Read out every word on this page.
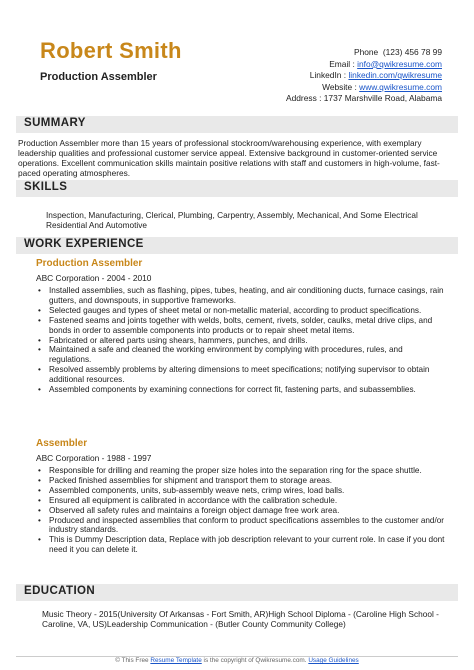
Robert Smith
Production Assembler
Phone (123) 456 78 99
Email : info@qwikresume.com
LinkedIn : linkedin.com/qwikresume
Website : www.qwikresume.com
Address : 1737 Marshville Road, Alabama
SUMMARY
Production Assembler more than 15 years of professional stockroom/warehousing experience, with exemplary leadership qualities and professional customer service appeal. Extensive background in customer-oriented service operations. Excellent communication skills maintain positive relations with staff and customers in high-volume, fast-paced operating atmospheres.
SKILLS
Inspection, Manufacturing, Clerical, Plumbing, Carpentry, Assembly, Mechanical, And Some Electrical Residential And Automotive
WORK EXPERIENCE
Production Assembler
ABC Corporation - 2004 - 2010
• Installed assemblies, such as flashing, pipes, tubes, heating, and air conditioning ducts, furnace casings, rain gutters, and downspouts, in supportive frameworks.
• Selected gauges and types of sheet metal or non-metallic material, according to product specifications.
• Fastened seams and joints together with welds, bolts, cement, rivets, solder, caulks, metal drive clips, and bonds in order to assemble components into products or to repair sheet metal items.
• Fabricated or altered parts using shears, hammers, punches, and drills.
• Maintained a safe and cleaned the working environment by complying with procedures, rules, and regulations.
• Resolved assembly problems by altering dimensions to meet specifications; notifying supervisor to obtain additional resources.
• Assembled components by examining connections for correct fit, fastening parts, and subassemblies.
Assembler
ABC Corporation - 1988 - 1997
• Responsible for drilling and reaming the proper size holes into the separation ring for the space shuttle.
• Packed finished assemblies for shipment and transport them to storage areas.
• Assembled components, units, sub-assembly weave nets, crimp wires, load balls.
• Ensured all equipment is calibrated in accordance with the calibration schedule.
• Observed all safety rules and maintains a foreign object damage free work area.
• Produced and inspected assemblies that conform to product specifications assembles to the customer and/or industry standards.
• This is Dummy Description data, Replace with job description relevant to your current role. In case if you dont need it you can delete it.
EDUCATION
Music Theory - 2015(University Of Arkansas - Fort Smith, AR)High School Diploma - (Caroline High School - Caroline, VA, US)Leadership Communication - (Butler County Community College)
© This Free Resume Template is the copyright of Qwikresume.com. Usage Guidelines
